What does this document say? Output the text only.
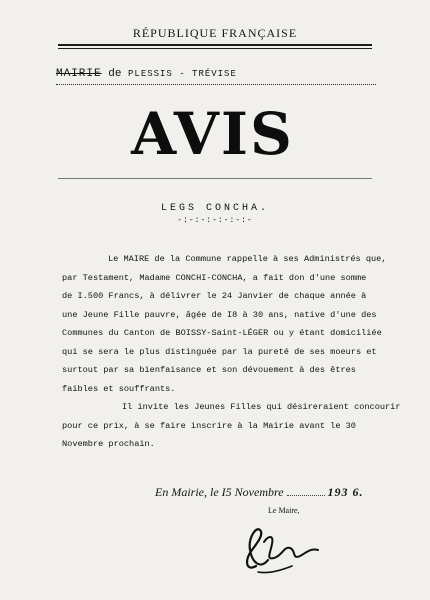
RÉPUBLIQUE FRANÇAISE
MAIRIE de PLESSIS - TRÉVISE
AVIS
LEGS CONCHA.
-:-:-:-:-:-:-
Le MAIRE de la Commune rappelle à ses Administrés que,
par Testament, Madame CONCHI-CONCHA, a fait don d'une somme
de I.500 Francs, à délivrer le 24 Janvier de chaque année à
une Jeune Fille pauvre, âgée de I8 à 30 ans, native d'une des
Communes du Canton de BOISSY-Saint-LÉGER ou y étant domiciliée
qui se sera le plus distinguée par la pureté de ses moeurs et
surtout par sa bienfaisance et son dévouement à des êtres
faibles et souffrants.
Il invite les Jeunes Filles qui désireraient concourir
pour ce prix, à se faire inscrire à la Mairie avant le 30
Novembre prochain.
En Mairie, le I5 Novembre	193 6.
Le Maire,
